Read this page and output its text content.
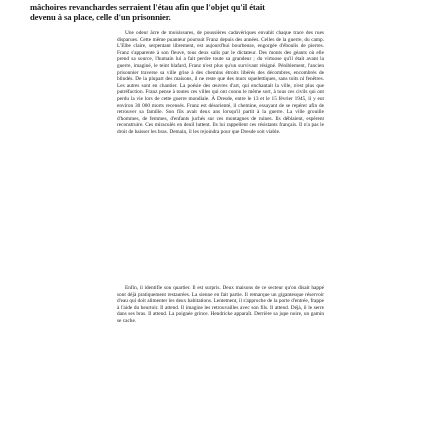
mâchoires revanchardes serraient l'étau afin que l'objet qu'il était
devenu à sa place, celle d'un prisonnier.

Une odeur âcre de moisissures, de poussières cadavériques envahit chaque trace des rues disparues. Cette même puanteur poursuit Franz depuis des années. Celles de la guerre, du camp. L'Elbe claire, serpentant librement, est aujourd'hui bourbeuse, engorgée d'éboulis de pierres. Franz s'apparente à son fleuve, tous deux salis par le dictateur. Des monts des géants où elle prend sa source, l'humain lui a fait perdre toute sa grandeur ; du virtuose qu'il était avant la guerre, imaginé, le teint blafard, Franz n'est plus qu'un survivant résigné. Péniblement, l'ancien prisonnier traverse sa ville grise à des chemins étroits libérés des décombres, encombrés de blindés. De la plupart des maisons, il ne reste que des murs squelettiques, sans toits ni fenêtres. Les autres sont en chantier. La poésie des œuvres d'art, qui enchantait la ville, n'est plus que putréfaction. Franz pense à toutes ces villes qui ont connu le même sort, à tous ces civils qui ont perdu la vie lors de cette guerre mondiale. À Dresde, entre le 13 et le 15 février 1945, il y eut environ 30 000 morts recensés. Franz est désorienté, il chemine, essayant de se repérer afin de retrouver sa famille. Son fils avait deux ans lorsqu'il partit à la guerre. La ville grouille d'hommes, de femmes, d'enfants juchés sur ces montagnes de ruines. Ils déblaient, espèrent reconstruire. Ces miraculés en deuil luttent. Ils lui rappellent ces résistants français. Il n'a pas le droit de baisser les bras. Demain, il les rejoindra pour que Dresde soit viable.

Enfin, il identifie son quartier. Il est surpris. Deux maisons de ce secteur qu'on disait happé sont déjà pratiquement restaurées. La sienne en fait partie. Il remarque un gigantesque réservoir d'eau qui doit alimenter les deux habitations. Lentement, il s'approche de la porte d'entrée, frappe à l'aide du heurtoir. Il attend. Il imagine les retrouvailles avec son fils. Il attend. Déjà, il le serre dans ses bras. Il attend. La poignée grince. Hendricke apparaît. Derrière sa jupe noire, un gamin se cache.
